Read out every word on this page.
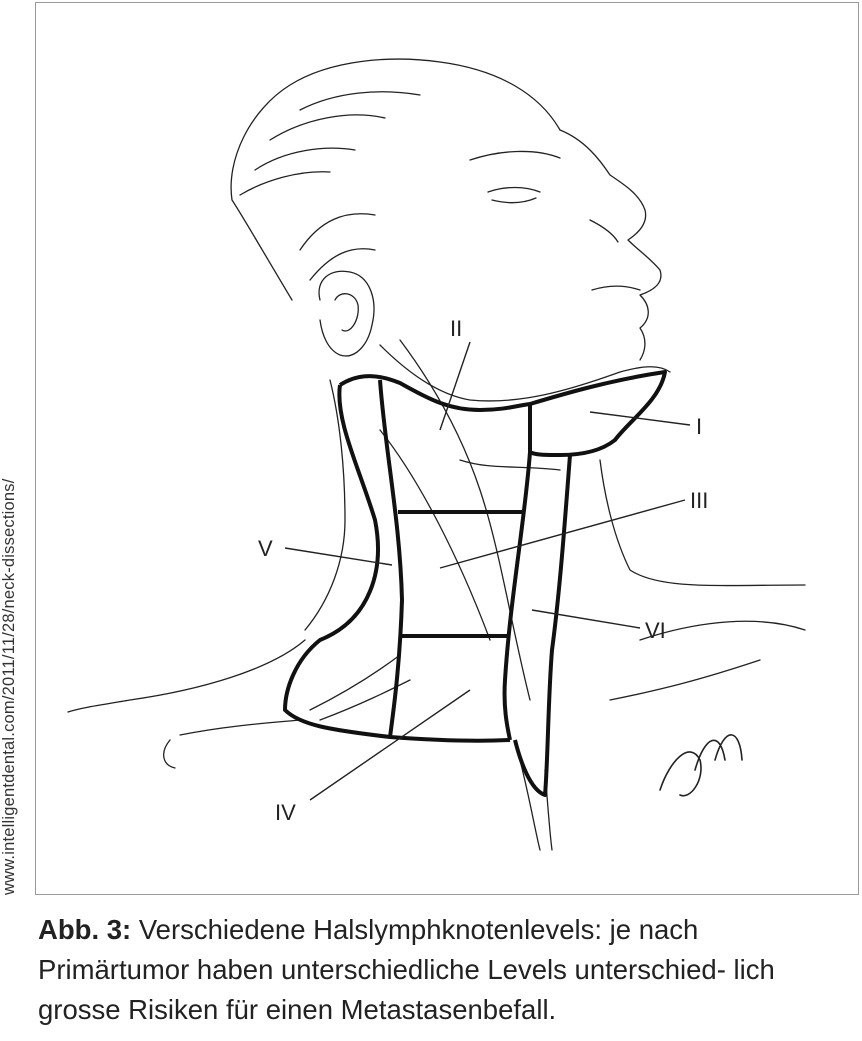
www.intelligentdental.com/2011/11/28/neck-dissections/
II
I
III
V
VI
IV
Abb. 3: Verschiedene Halslymphknotenlevels: je nach Primärtumor haben unterschiedliche Levels unterschied- lich grosse Risiken für einen Metastasenbefall.
